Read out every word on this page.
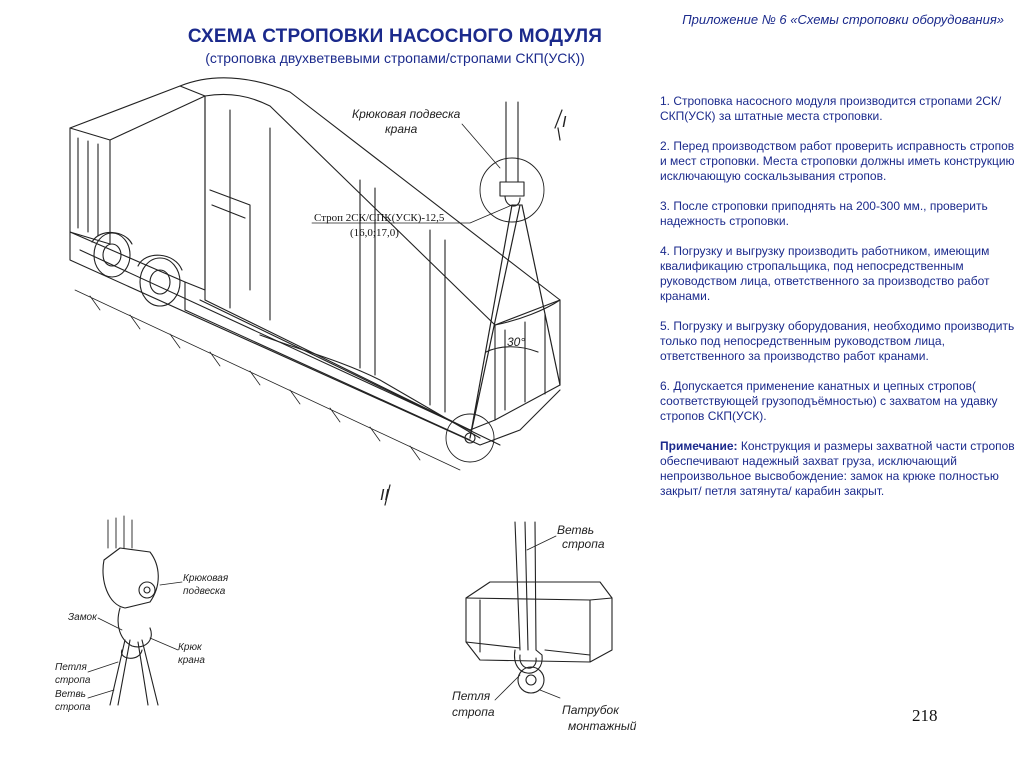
Приложение № 6 «Схемы строповки оборудования»
СХЕМА СТРОПОВКИ НАСОСНОГО МОДУЛЯ
(строповка двухветвевыми стропами/стропами СКП(УСК))

1. Строповка насосного модуля производится стропами 2СК/СКП(УСК) за штатные места строповки.

2. Перед производством работ проверить исправность стропов и мест строповки. Места строповки должны иметь конструкцию исключающую соскальзывания стропов.

3. После строповки приподнять на 200-300 мм., проверить надежность строповки.

4. Погрузку и выгрузку производить работником, имеющим квалификацию стропальщика, под непосредственным руководством лица, ответственного за производство работ кранами.

5. Погрузку и выгрузку оборудования, необходимо производить только под непосредственным руководством лица, ответственного за производство работ кранами.

6. Допускается применение канатных и цепных стропов( соответствующей грузоподъёмностью) с захватом на удавку стропов СКП(УСК).

Примечание: Конструкция и размеры захватной части стропов обеспечивают надежный захват груза, исключающий непроизвольное высвобождение: замок на крюке полностью закрыт/ петля затянута/ карабин закрыт.

Крюковая подвеска
крана
Строп 2СК/СПК(УСК)-12,5
(16,0;17,0)
30°
I
II
Крюковая
подвеска
Замок
Крюк
крана
Петля
стропа
Ветвь
стропа
Ветвь
стропа
Петля
стропа	Патрубок
монтажный
218
